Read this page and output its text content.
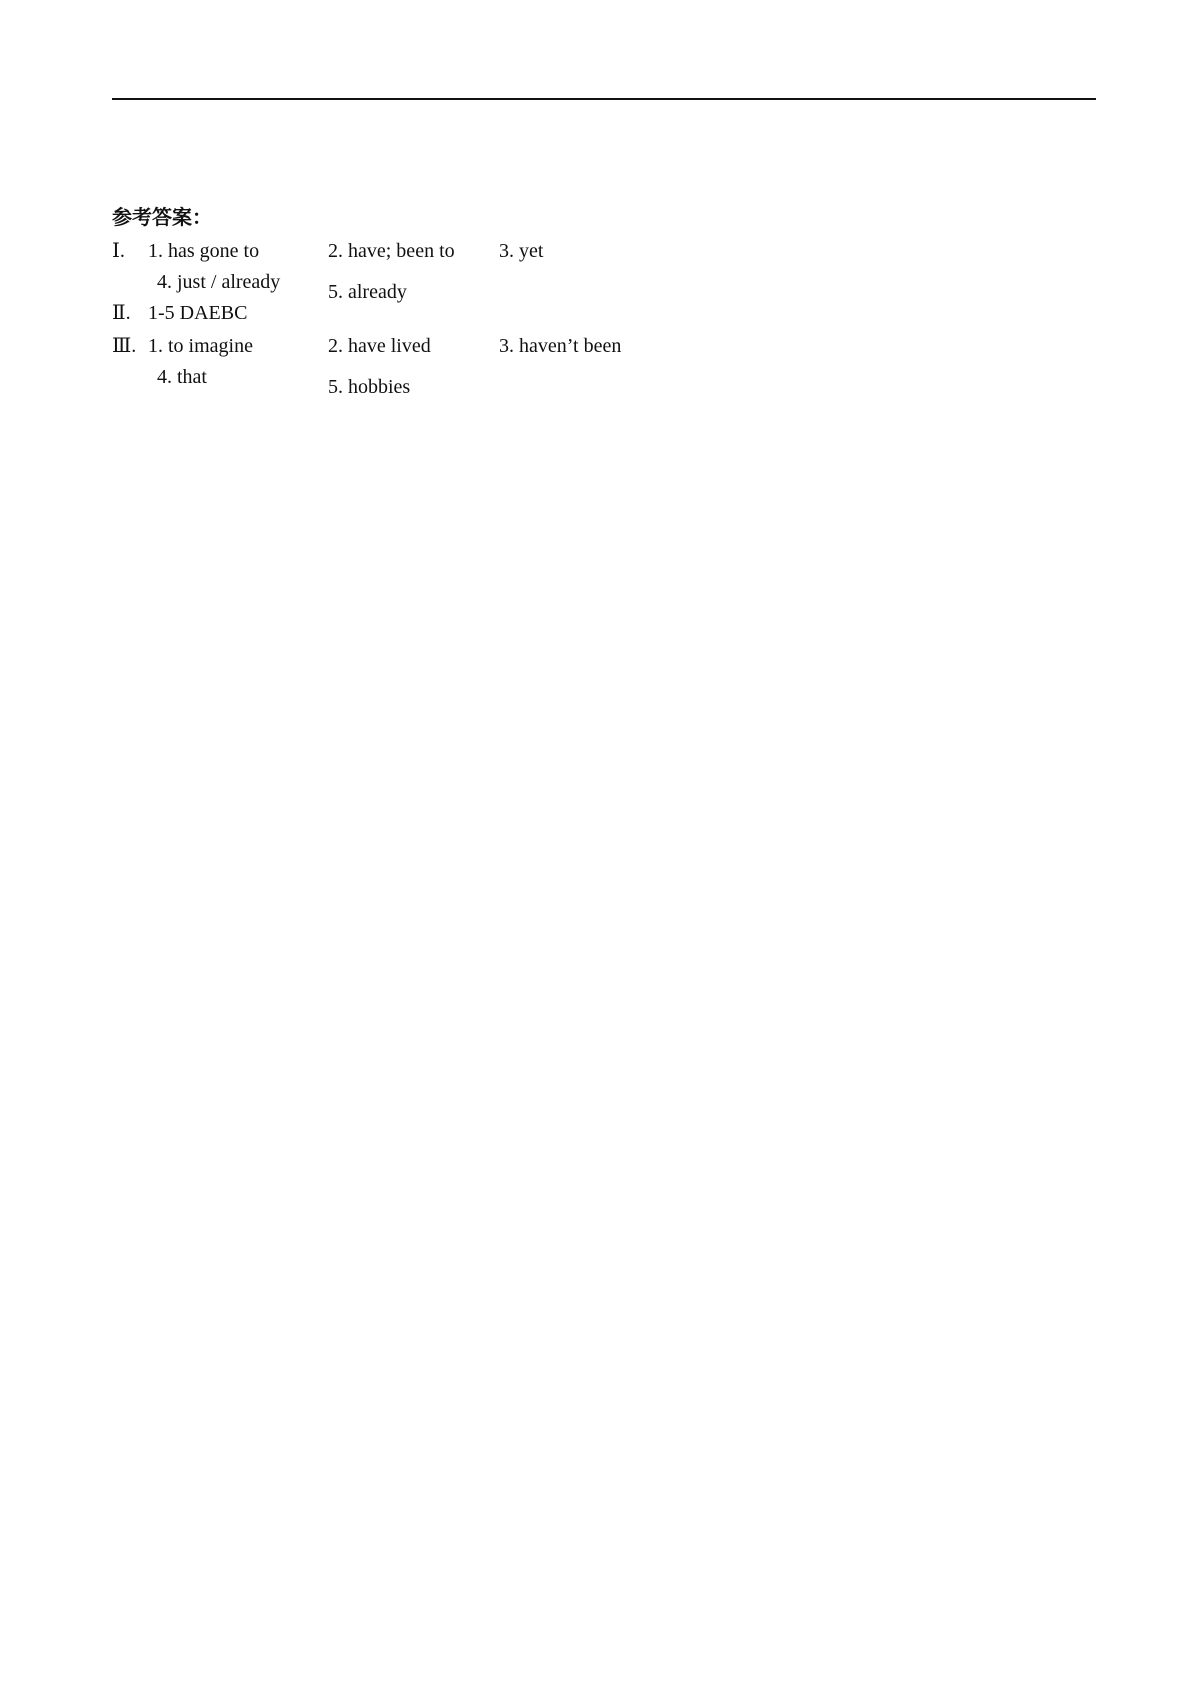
参考答案：
Ⅰ.	1. has gone to	2. have; been to	3. yet
4. just / already 5. already
Ⅱ. 1-5 DAEBC
Ⅲ. 1. to imagine	2. have lived	3. haven’t been
4. that	5. hobbies
